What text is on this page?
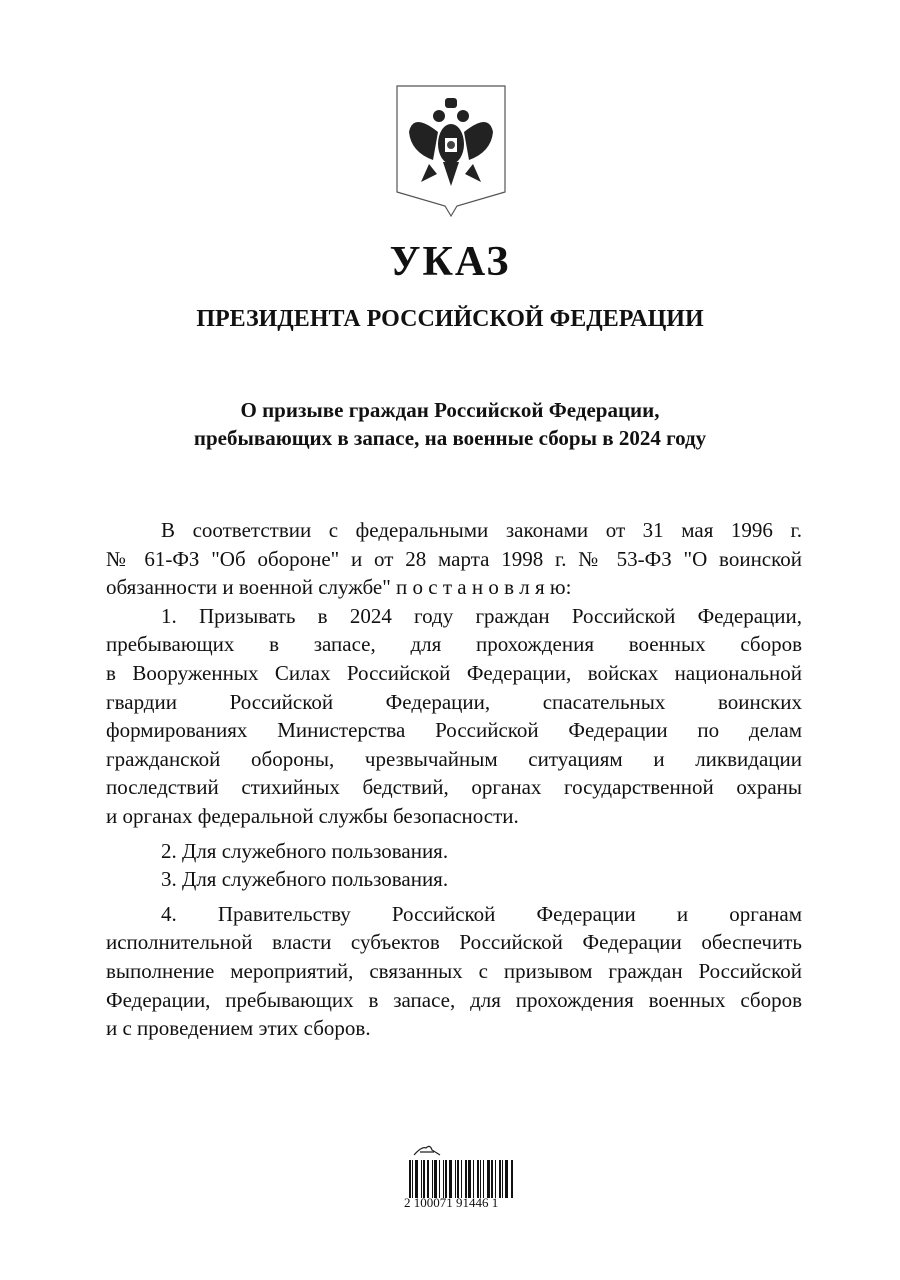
УКАЗ
ПРЕЗИДЕНТА РОССИЙСКОЙ ФЕДЕРАЦИИ
О призыве граждан Российской Федерации,
пребывающих в запасе, на военные сборы в 2024 году
В соответствии с федеральными законами от 31 мая 1996 г.
№ 61-ФЗ "Об обороне" и от 28 марта 1998 г. № 53-ФЗ "О воинской
обязанности и военной службе" п о с т а н о в л я ю:
1. Призывать в 2024 году граждан Российской Федерации,
пребывающих в запасе, для прохождения военных сборов
в Вооруженных Силах Российской Федерации, войсках национальной
гвардии Российской Федерации, спасательных воинских
формированиях Министерства Российской Федерации по делам
гражданской обороны, чрезвычайным ситуациям и ликвидации
последствий стихийных бедствий, органах государственной охраны
и органах федеральной службы безопасности.
2. Для служебного пользования.
3. Для служебного пользования.
4. Правительству Российской Федерации и органам
исполнительной власти субъектов Российской Федерации обеспечить
выполнение мероприятий, связанных с призывом граждан Российской
Федерации, пребывающих в запасе, для прохождения военных сборов
и с проведением этих сборов.
2 100071 91446 1
